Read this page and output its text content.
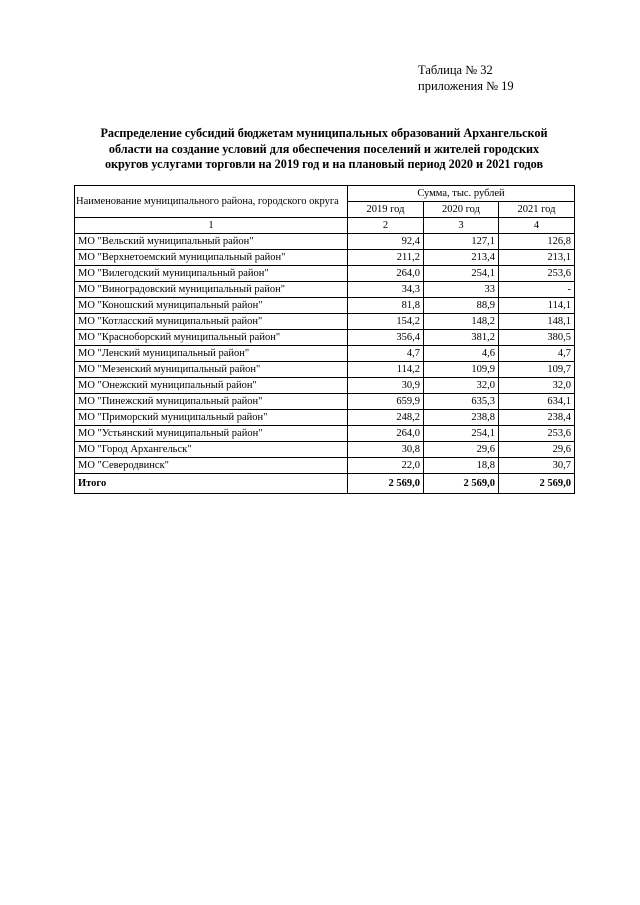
Таблица № 32
приложения № 19
Распределение субсидий бюджетам муниципальных образований Архангельской
области на создание условий для обеспечения поселений и жителей городских
округов услугами торговли на 2019 год и на плановый период 2020 и 2021 годов
Наименование муниципального района, городского округа	Сумма, тыс. рублей		
	2019 год	2020 год	2021 год
1	2	3	4
МО "Вельский муниципальный район"	92,4	127,1	126,8
МО "Верхнетоемский муниципальный район"	211,2	213,4	213,1
МО "Вилегодский муниципальный район"	264,0	254,1	253,6
МО "Виноградовский муниципальный район"	34,3	33	-
МО "Коношский муниципальный район"	81,8	88,9	114,1
МО "Котласский муниципальный район"	154,2	148,2	148,1
МО "Красноборский муниципальный район"	356,4	381,2	380,5
МО "Ленский муниципальный район"	4,7	4,6	4,7
МО "Мезенский муниципальный район"	114,2	109,9	109,7
МО "Онежский муниципальный район"	30,9	32,0	32,0
МО "Пинежский муниципальный район"	659,9	635,3	634,1
МО "Приморский муниципальный район"	248,2	238,8	238,4
МО "Устьянский муниципальный район"	264,0	254,1	253,6
МО "Город Архангельск"	30,8	29,6	29,6
МО "Северодвинск"	22,0	18,8	30,7
Итого	2 569,0	2 569,0	2 569,0
